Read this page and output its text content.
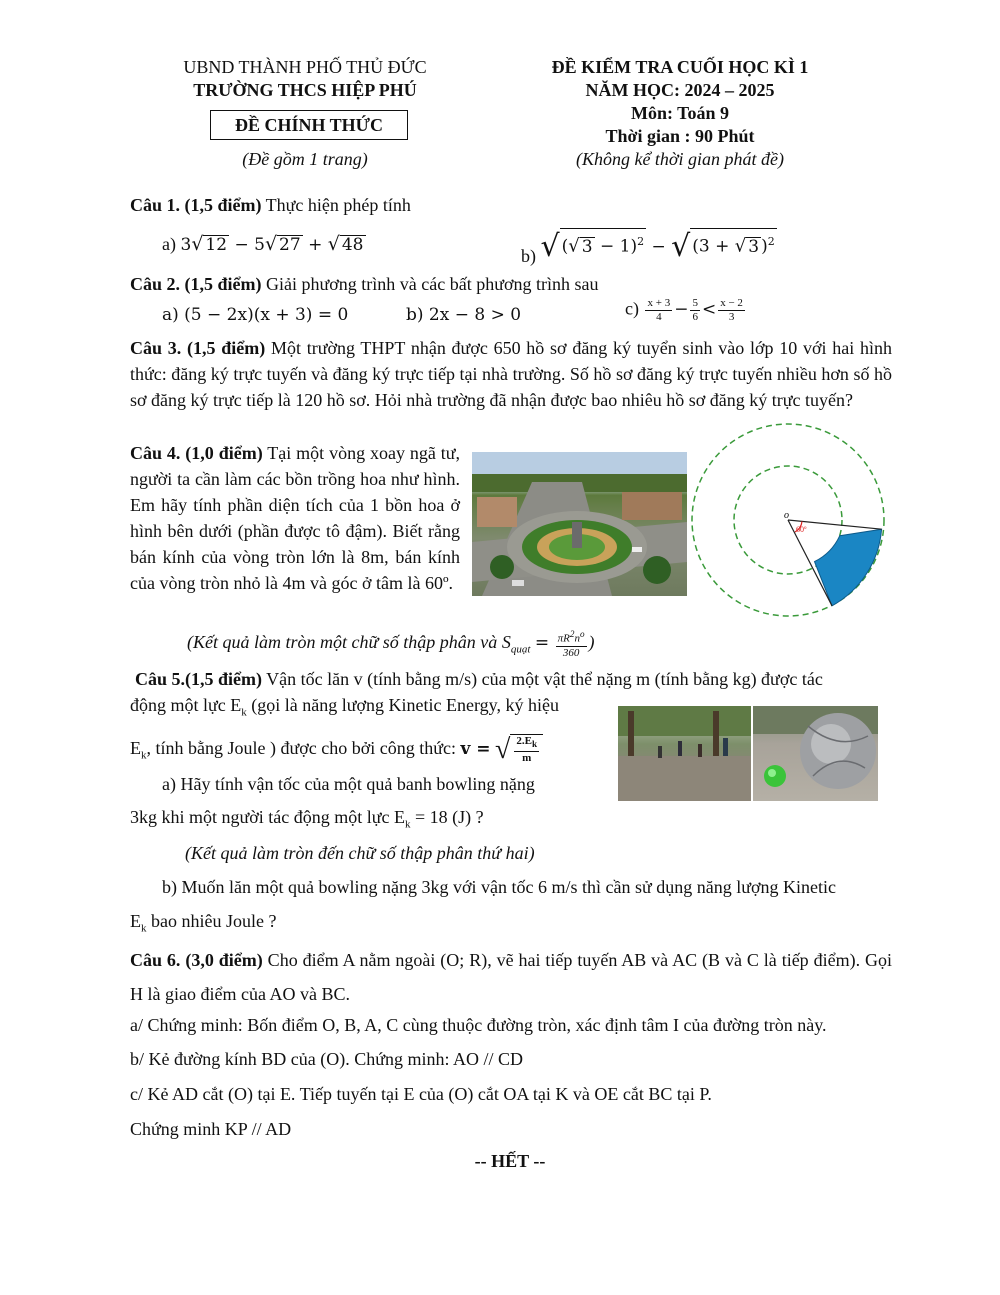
UBND THÀNH PHỐ THỦ ĐỨC
TRƯỜNG THCS HIỆP PHÚ
ĐỀ CHÍNH THỨC
(Đề gồm 1 trang)
ĐỀ KIỂM TRA CUỐI HỌC KÌ 1
NĂM HỌC: 2024 – 2025
Môn: Toán 9
Thời gian : 90 Phút
(Không kể thời gian phát đề)
Câu 1. (1,5 điểm) Thực hiện phép tính
a) 3√ 12 − 5√ 27 + √ 48
b) √ (√ 3 − 1)$^2$ − √ (3 + √ 3 )$^2$
Câu 2. (1,5 điểm) Giải phương trình và các bất phương trình sau
a) (5 − 2x)(x + 3) = 0	b) 2x − 8 > 0	$c) \frac{x + 3}{4} - \frac{5}{6} < \frac{x - 2}{3}$
Câu 3. (1,5 điểm) Một trường THPT nhận được 650 hồ sơ đăng ký tuyển sinh vào lớp 10 với hai hình thức: đăng ký trực tuyến và đăng ký trực tiếp tại nhà trường. Số hồ sơ đăng ký trực tuyến nhiều hơn số hồ sơ đăng ký trực tiếp là 120 hồ sơ. Hỏi nhà trường đã nhận được bao nhiêu hồ sơ đăng ký trực tuyến?
Câu 4. (1,0 điểm) Tại một vòng xoay ngã tư, người ta cần làm các bồn trồng hoa như hình. Em hãy tính phần diện tích của 1 bồn hoa ở hình bên dưới (phần được tô đậm). Biết rằng bán kính của vòng tròn lớn là 8m, bán kính của vòng tròn nhỏ là 4m và góc ở tâm là 60º.
o
60º
(Kết quả làm tròn một chữ số thập phân và $S_{quạt} = \frac{\pi R^2n^o}{360}$ )
Câu 5.(1,5 điểm) Vận tốc lăn v (tính bằng m/s) của một vật thể nặng m (tính bằng kg) được tác
động một lực $E_k$ (gọi là năng lượng Kinetic Energy, ký hiệu
$E_k$, tính bằng Joule ) được cho bởi công thức: v = √ $\frac{2.E_k}{m}$
a) Hãy tính vận tốc của một quả banh bowling nặng
3kg khi một người tác động một lực $E_k = 18$ (J) ?
(Kết quả làm tròn đến chữ số thập phân thứ hai)
b) Muốn lăn một quả bowling nặng 3kg với vận tốc 6 m/s thì cần sử dụng năng lượng Kinetic
$E_k$ bao nhiêu Joule ?
Câu 6. (3,0 điểm) Cho điểm A nằm ngoài (O; R), vẽ hai tiếp tuyến AB và AC (B và C là tiếp điểm). Gọi H là giao điểm của AO và BC.
a/ Chứng minh: Bốn điểm O, B, A, C cùng thuộc đường tròn, xác định tâm I của đường tròn này.
b/ Kẻ đường kính BD của (O). Chứng minh: AO // CD
c/ Kẻ AD cắt (O) tại E. Tiếp tuyến tại E của (O) cắt OA tại K và OE cắt BC tại P.
Chứng minh KP // AD
-- HẾT --
